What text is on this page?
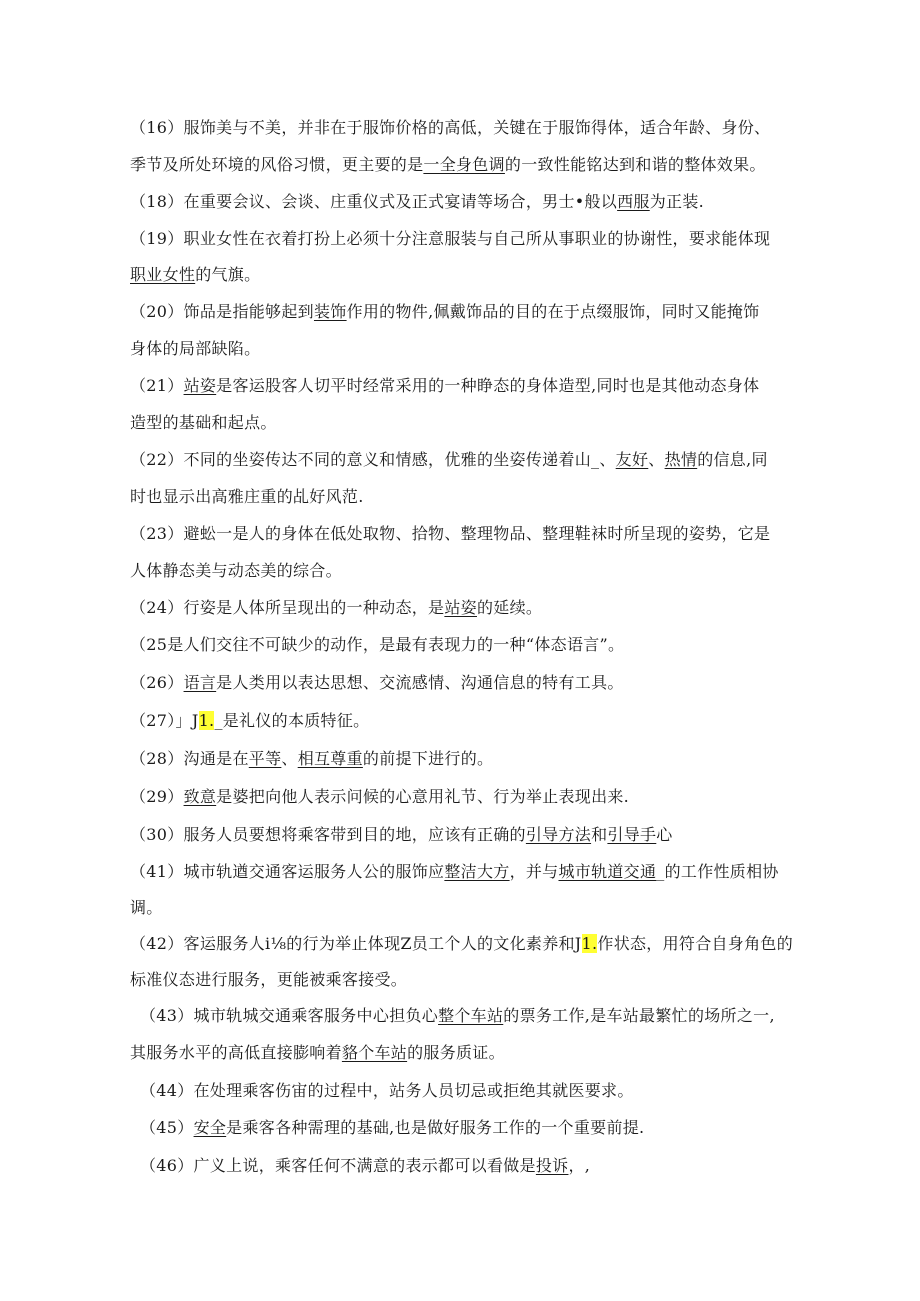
（16）服饰美与不美，并非在于服饰价格的高低，关键在于服饰得体，适合年龄、身份、
季节及所处环境的风俗习惯，更主要的是一全身色调的一致性能铭达到和谐的整体效果。
（18）在重要会议、会谈、庄重仪式及正式宴请等场合，男士•般以西服为正装.
（19）职业女性在衣着打扮上必须十分注意服装与自己所从事职业的协谢性，要求能体现
职业女性的气旗。
（20）饰品是指能够起到装饰作用的物件,佩戴饰品的目的在于点缀服饰，同时又能掩饰
身体的局部缺陷。
（21）站姿是客运股客人切平时经常采用的一种睁态的身体造型,同时也是其他动态身体
造型的基础和起点。
（22）不同的坐姿传达不同的意义和情感，优雅的坐姿传递着山_、友好、热情的信息,同
时也显示出高雅庄重的乩好风范.
（23）避蚣一是人的身体在低处取物、拾物、整理物品、整理鞋袜时所呈现的姿势，它是
人体静态美与动态美的综合。
（24）行姿是人体所呈现出的一种动态，是站姿的延续。
（25是人们交往不可缺少的动作，是最有表现力的一种“体态语言”。
（26）语言是人类用以表达思想、交流感情、沟通信息的特有工具。
（27）」J1._是礼仪的本质特征。
（28）沟通是在平等、相互尊重的前提下进行的。
（29）致意是婆把向他人表示问候的心意用礼节、行为举止表现出来.
（30）服务人员要想将乘客带到目的地，应该有正确的引导方法和引导手心
（41）城市轨遒交通客运服务人公的服饰应整洁大方，并与城市轨道交通_的工作性质相协
调。
（42）客运服务人i⅛的行为举止体现Z员工个人的文化素养和J1.作状态，用符合自身角色的
标准仪态进行服务，更能被乘客接受。
（43）城市轨城交通乘客服务中心担负心整个车站的票务工作,是车站最繁忙的场所之一,
其服务水平的高低直接膨响着貉个车站的服务质证。
（44）在处理乘客伤宙的过程中，站务人员切忌或拒绝其就医要求。
（45）安全是乘客各种需理的基础,也是做好服务工作的一个重要前提.
（46）广义上说，乘客任何不满意的表示都可以看做是投诉，,
